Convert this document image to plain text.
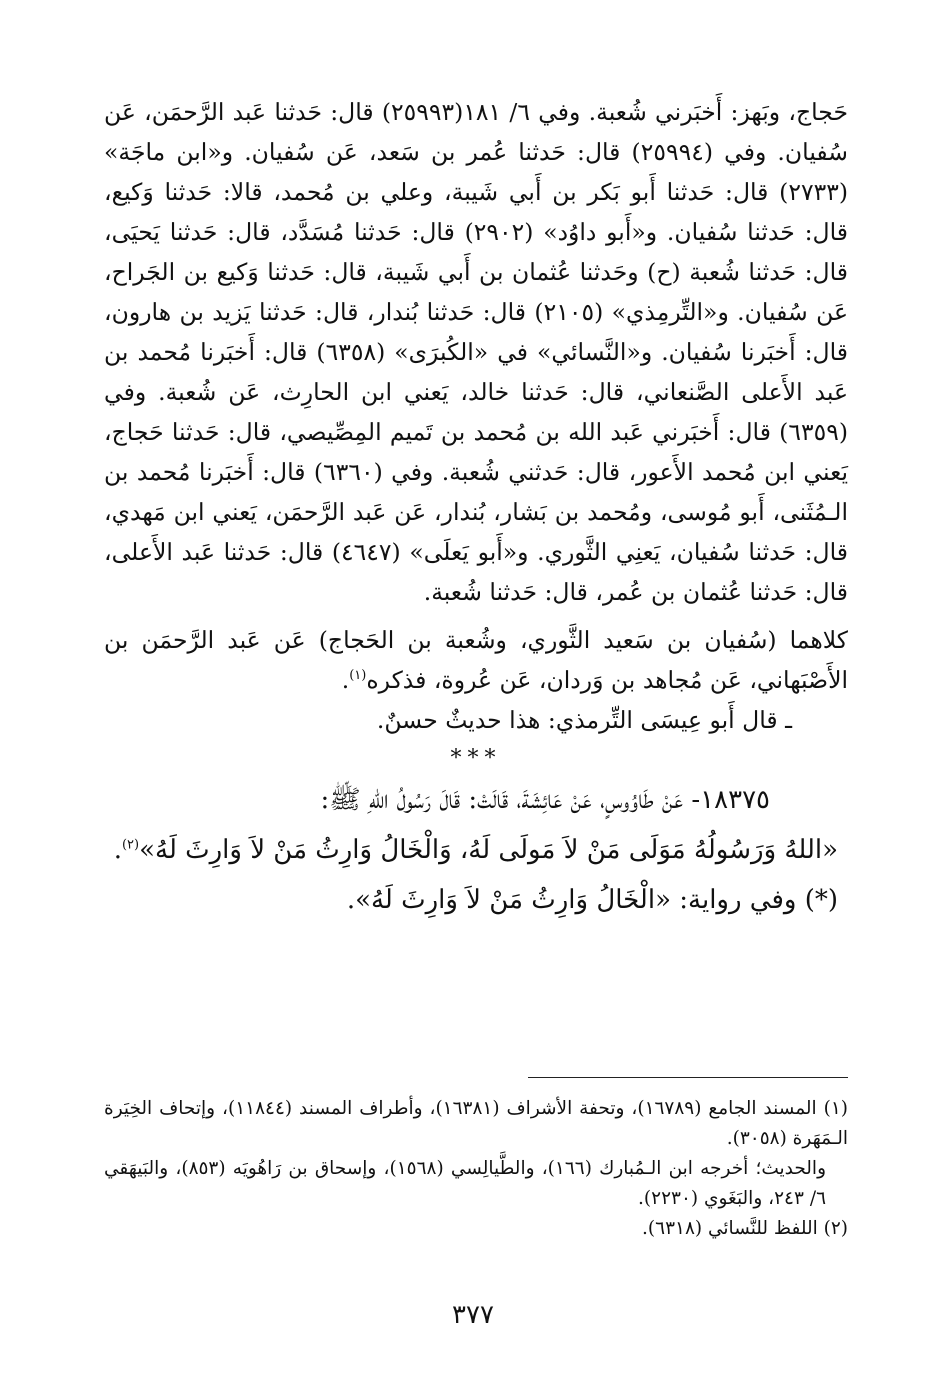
حَجاج، وبَهز: أَخبَرني شُعبة. وفي ٦/ ١٨١(٢٥٩٩٣) قال: حَدثنا عَبد الرَّحمَن، عَن سُفيان. وفي (٢٥٩٩٤) قال: حَدثنا عُمر بن سَعد، عَن سُفيان. و«ابن ماجَة» (٢٧٣٣) قال: حَدثنا أَبو بَكر بن أَبي شَيبة، وعلي بن مُحمد، قالا: حَدثنا وَكيع، قال: حَدثنا سُفيان. و«أَبو داوُد» (٢٩٠٢) قال: حَدثنا مُسَدَّد، قال: حَدثنا يَحيَى، قال: حَدثنا شُعبة (ح) وحَدثنا عُثمان بن أَبي شَيبة، قال: حَدثنا وَكيع بن الجَراح، عَن سُفيان. و«التِّرمِذي» (٢١٠٥) قال: حَدثنا بُندار، قال: حَدثنا يَزيد بن هارون، قال: أَخبَرنا سُفيان. و«النَّسائي» في «الكُبرَى» (٦٣٥٨) قال: أَخبَرنا مُحمد بن عَبد الأَعلى الصَّنعاني، قال: حَدثنا خالد، يَعني ابن الحارِث، عَن شُعبة. وفي (٦٣٥٩) قال: أَخبَرني عَبد الله بن مُحمد بن تَميم المِصِّيصي، قال: حَدثنا حَجاج، يَعني ابن مُحمد الأَعور، قال: حَدثني شُعبة. وفي (٦٣٦٠) قال: أَخبَرنا مُحمد بن الـمُثَنى، أَبو مُوسى، ومُحمد بن بَشار، بُندار، عَن عَبد الرَّحمَن، يَعني ابن مَهدي، قال: حَدثنا سُفيان، يَعنِي الثَّوري. و«أَبو يَعلَى» (٤٦٤٧) قال: حَدثنا عَبد الأَعلى، قال: حَدثنا عُثمان بن عُمر، قال: حَدثنا شُعبة.

كلاهما (سُفيان بن سَعيد الثَّوري، وشُعبة بن الحَجاج) عَن عَبد الرَّحمَن بن الأَصْبَهاني، عَن مُجاهد بن وَردان، عَن عُروة، فذكره$^{(١)}$.

ـ قال أَبو عِيسَى التِّرمذي: هذا حديثٌ حسنٌ.

***

١٨٣٧٥- عَنْ طَاوُوسٍ، عَنْ عَائِشَةَ، قَالَتْ: قَالَ رَسُولُ اللهِ ﷺ:

«اللهُ وَرَسُولُهُ مَوَلَى مَنْ لاَ مَولَى لَهُ، وَالْخَالُ وَارِثُ مَنْ لاَ وَارِثَ لَهُ»$^{(٢)}$.

(*) وفي رواية: «الْخَالُ وَارِثُ مَنْ لاَ وَارِثَ لَهُ».

(١) المسند الجامع (١٦٧٨٩)، وتحفة الأشراف (١٦٣٨١)، وأطراف المسند (١١٨٤٤)، وإتحاف الخِيَرة الـمَهَرة (٣٠٥٨).

والحديث؛ أخرجه ابن الـمُبارك (١٦٦)، والطَّيالِسي (١٥٦٨)، وإسحاق بن رَاهُويَه (٨٥٣)، والبَيهَقي ٦/ ٢٤٣، والبَغَوي (٢٢٣٠).

(٢) اللفظ للنَّسائي (٦٣١٨).

٣٧٧
